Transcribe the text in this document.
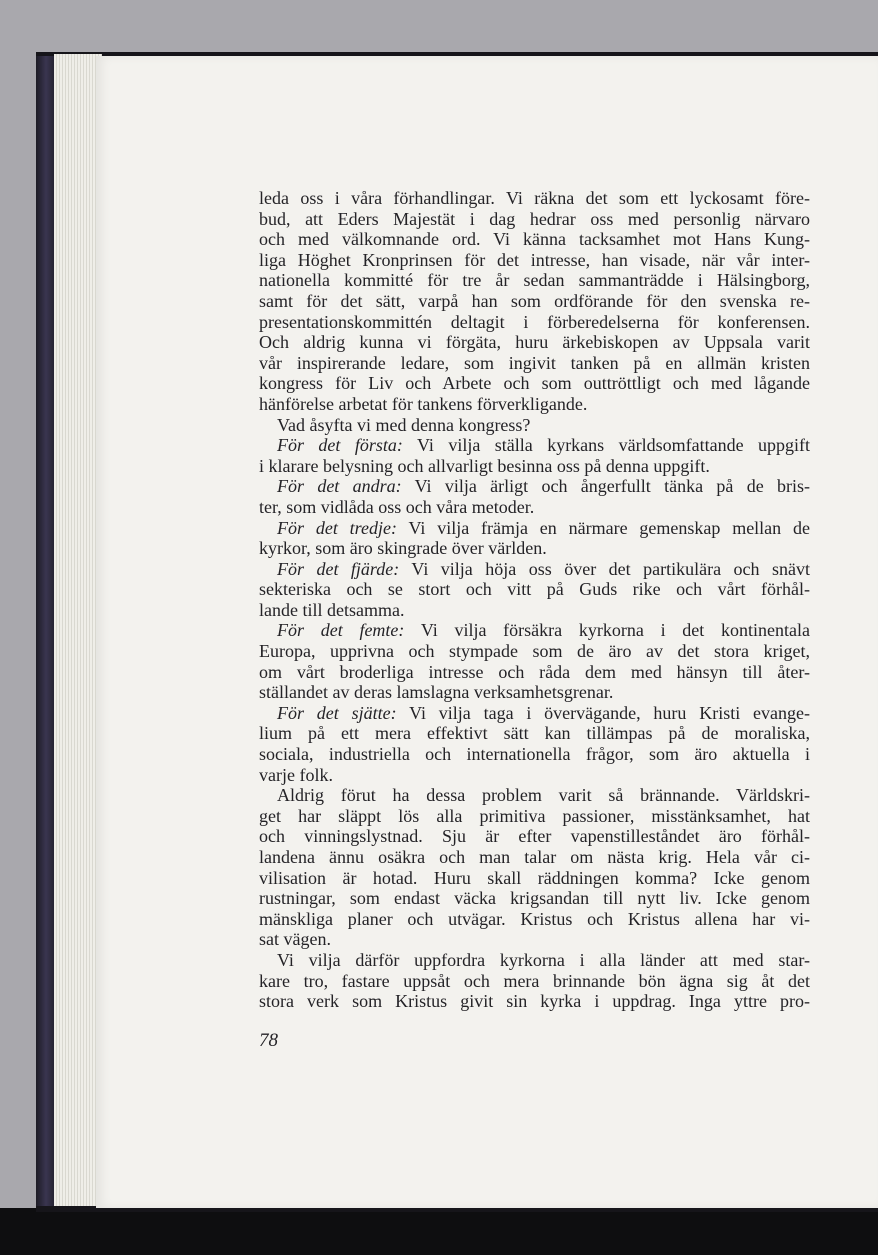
leda oss i våra förhandlingar. Vi räkna det som ett lyckosamt före-

bud, att Eders Majestät i dag hedrar oss med personlig närvaro

och med välkomnande ord. Vi känna tacksamhet mot Hans Kung-

liga Höghet Kronprinsen för det intresse, han visade, när vår inter-

nationella kommitté för tre år sedan sammanträdde i Hälsingborg,

samt för det sätt, varpå han som ordförande för den svenska re-

presentationskommittén deltagit i förberedelserna för konferensen.

Och aldrig kunna vi förgäta, huru ärkebiskopen av Uppsala varit

vår inspirerande ledare, som ingivit tanken på en allmän kristen

kongress för Liv och Arbete och som outtröttligt och med lågande

hänförelse arbetat för tankens förverkligande.

Vad åsyfta vi med denna kongress?

För det första: Vi vilja ställa kyrkans världsomfattande uppgift

i klarare belysning och allvarligt besinna oss på denna uppgift.

För det andra: Vi vilja ärligt och ångerfullt tänka på de bris-

ter, som vidlåda oss och våra metoder.

För det tredje: Vi vilja främja en närmare gemenskap mellan de

kyrkor, som äro skingrade över världen.

För det fjärde: Vi vilja höja oss över det partikulära och snävt

sekteriska och se stort och vitt på Guds rike och vårt förhål-

lande till detsamma.

För det femte: Vi vilja försäkra kyrkorna i det kontinentala

Europa, upprivna och stympade som de äro av det stora kriget,

om vårt broderliga intresse och råda dem med hänsyn till åter-

ställandet av deras lamslagna verksamhetsgrenar.

För det sjätte: Vi vilja taga i övervägande, huru Kristi evange-

lium på ett mera effektivt sätt kan tillämpas på de moraliska,

sociala, industriella och internationella frågor, som äro aktuella i

varje folk.

Aldrig förut ha dessa problem varit så brännande. Världskri-

get har släppt lös alla primitiva passioner, misstänksamhet, hat

och vinningslystnad. Sju är efter vapenstilleståndet äro förhål-

landena ännu osäkra och man talar om nästa krig. Hela vår ci-

vilisation är hotad. Huru skall räddningen komma? Icke genom

rustningar, som endast väcka krigsandan till nytt liv. Icke genom

mänskliga planer och utvägar. Kristus och Kristus allena har vi-

sat vägen.

Vi vilja därför uppfordra kyrkorna i alla länder att med star-

kare tro, fastare uppsåt och mera brinnande bön ägna sig åt det

stora verk som Kristus givit sin kyrka i uppdrag. Inga yttre pro-

78
